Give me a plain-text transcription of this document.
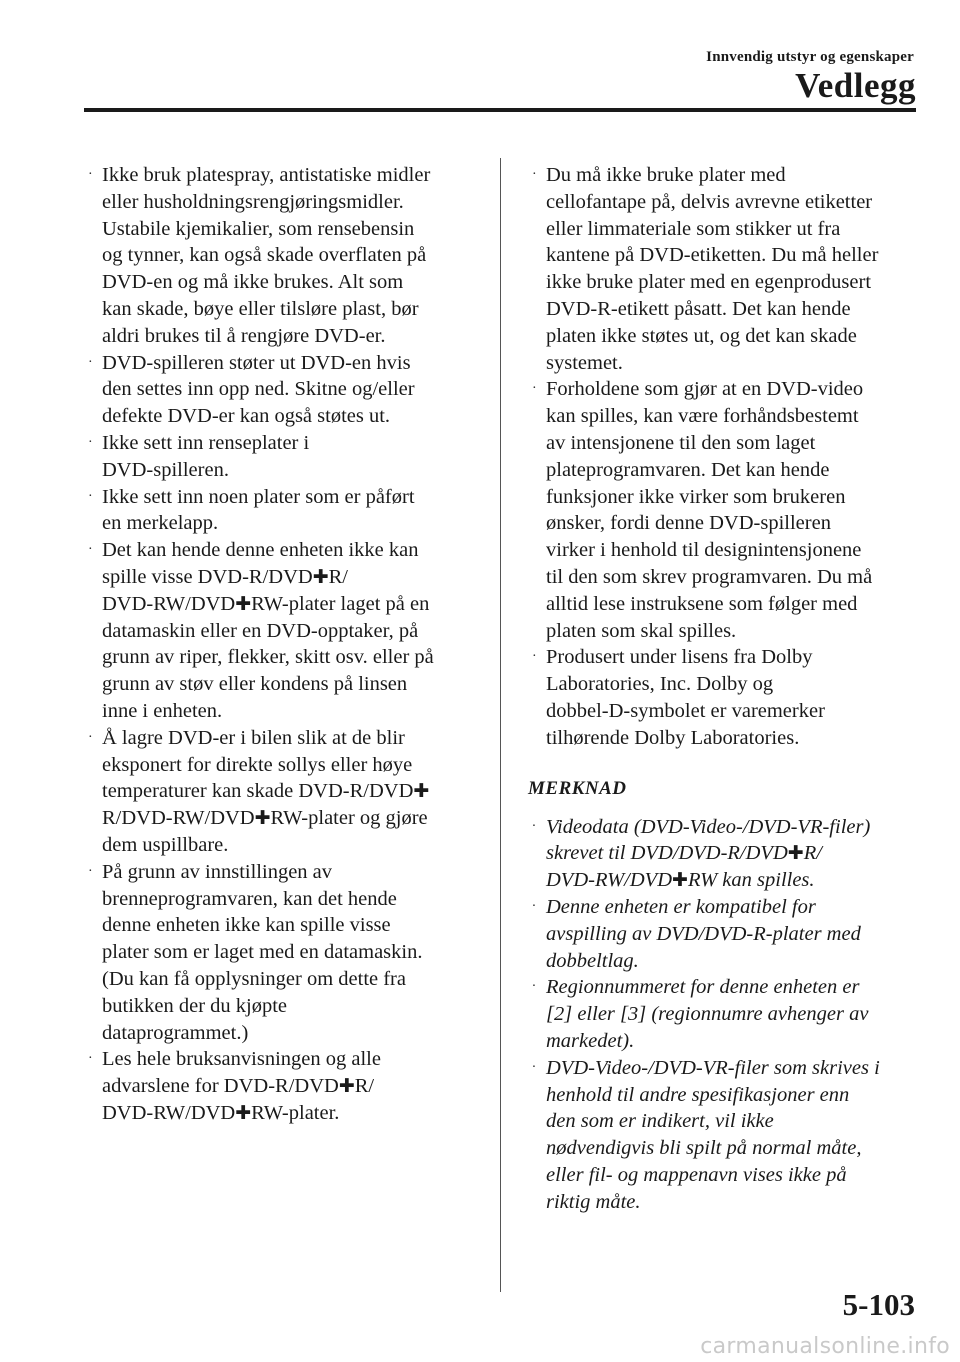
Innvendig utstyr og egenskaper
Vedlegg
· Ikke bruk platespray, antistatiske midler
eller husholdningsrengjøringsmidler.
Ustabile kjemikalier, som rensebensin
og tynner, kan også skade overflaten på
DVD-en og må ikke brukes. Alt som
kan skade, bøye eller tilsløre plast, bør
aldri brukes til å rengjøre DVD-er.
· DVD-spilleren støter ut DVD-en hvis
den settes inn opp ned. Skitne og/eller
defekte DVD-er kan også støtes ut.
· Ikke sett inn renseplater i
DVD-spilleren.
· Ikke sett inn noen plater som er påført
en merkelapp.
· Det kan hende denne enheten ikke kan
spille visse DVD-R/DVD✚R/
DVD-RW/DVD✚RW-plater laget på en
datamaskin eller en DVD-opptaker, på
grunn av riper, flekker, skitt osv. eller på
grunn av støv eller kondens på linsen
inne i enheten.
· Å lagre DVD-er i bilen slik at de blir
eksponert for direkte sollys eller høye
temperaturer kan skade DVD-R/DVD✚
R/DVD-RW/DVD✚RW-plater og gjøre
dem uspillbare.
· På grunn av innstillingen av
brenneprogramvaren, kan det hende
denne enheten ikke kan spille visse
plater som er laget med en datamaskin.
(Du kan få opplysninger om dette fra
butikken der du kjøpte
dataprogrammet.)
· Les hele bruksanvisningen og alle
advarslene for DVD-R/DVD✚R/
DVD-RW/DVD✚RW-plater.
· Du må ikke bruke plater med
cellofantape på, delvis avrevne etiketter
eller limmateriale som stikker ut fra
kantene på DVD-etiketten. Du må heller
ikke bruke plater med en egenprodusert
DVD-R-etikett påsatt. Det kan hende
platen ikke støtes ut, og det kan skade
systemet.
· Forholdene som gjør at en DVD-video
kan spilles, kan være forhåndsbestemt
av intensjonene til den som laget
plateprogramvaren. Det kan hende
funksjoner ikke virker som brukeren
ønsker, fordi denne DVD-spilleren
virker i henhold til designintensjonene
til den som skrev programvaren. Du må
alltid lese instruksene som følger med
platen som skal spilles.
· Produsert under lisens fra Dolby
Laboratories, Inc. Dolby og
dobbel-D-symbolet er varemerker
tilhørende Dolby Laboratories.
MERKNAD
· Videodata (DVD-Video-/DVD-VR-filer)
skrevet til DVD/DVD-R/DVD✚R/
DVD-RW/DVD✚RW kan spilles.
· Denne enheten er kompatibel for
avspilling av DVD/DVD-R-plater med
dobbeltlag.
· Regionnummeret for denne enheten er
[2] eller [3] (regionnumre avhenger av
markedet).
· DVD-Video-/DVD-VR-filer som skrives i
henhold til andre spesifikasjoner enn
den som er indikert, vil ikke
nødvendigvis bli spilt på normal måte,
eller fil- og mappenavn vises ikke på
riktig måte.
5-103
carmanualsonline.info
